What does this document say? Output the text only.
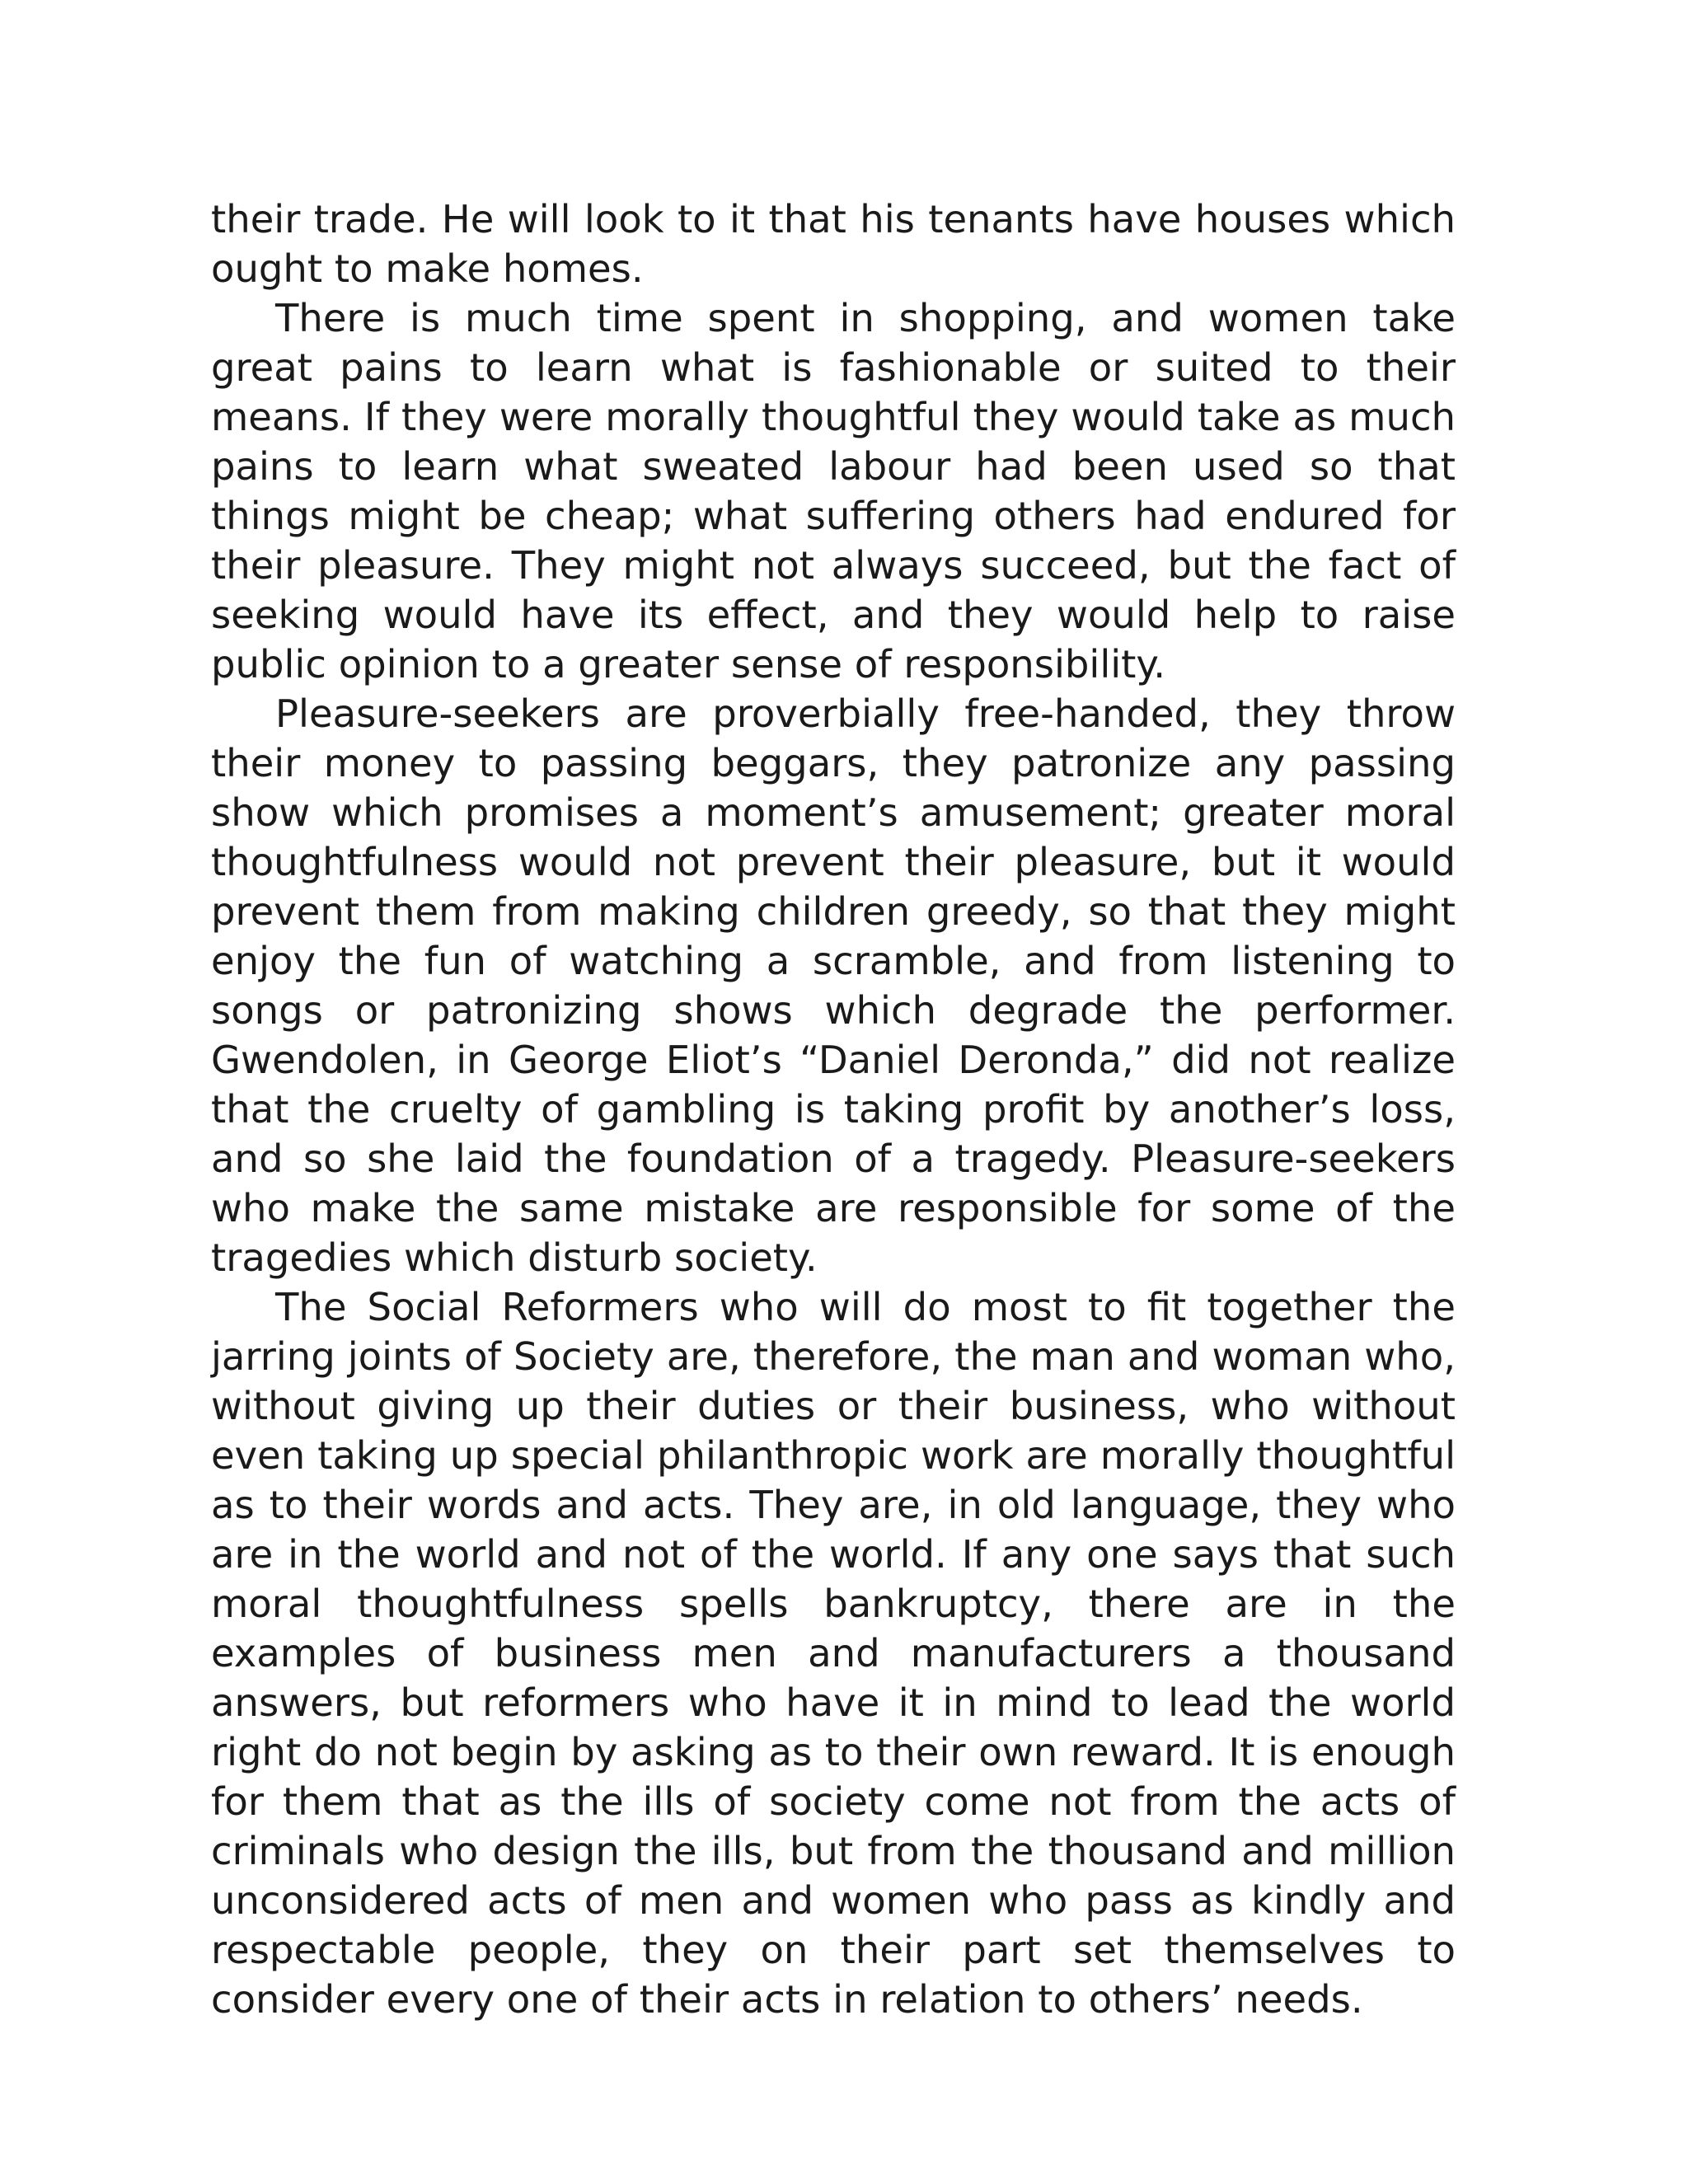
their trade. He will look to it that his tenants have houses which ought to make homes.

There is much time spent in shopping, and women take great pains to learn what is fashionable or suited to their means. If they were morally thoughtful they would take as much pains to learn what sweated labour had been used so that things might be cheap; what suffering others had endured for their pleasure. They might not always succeed, but the fact of seeking would have its effect, and they would help to raise public opinion to a greater sense of responsibility.

Pleasure-seekers are proverbially free-handed, they throw their money to passing beggars, they patronize any passing show which promises a moment’s amusement; greater moral thoughtfulness would not prevent their pleasure, but it would prevent them from making children greedy, so that they might enjoy the fun of watching a scramble, and from listening to songs or patronizing shows which degrade the performer. Gwendolen, in George Eliot’s “Daniel Deronda,” did not realize that the cruelty of gambling is taking profit by another’s loss, and so she laid the foundation of a tragedy. Pleasure-seekers who make the same mistake are responsible for some of the tragedies which disturb society.

The Social Reformers who will do most to fit together the jarring joints of Society are, therefore, the man and woman who, without giving up their duties or their business, who without even taking up special philanthropic work are morally thoughtful as to their words and acts. They are, in old language, they who are in the world and not of the world. If any one says that such moral thoughtfulness spells bankruptcy, there are in the examples of business men and manufacturers a thousand answers, but reformers who have it in mind to lead the world right do not begin by asking as to their own reward. It is enough for them that as the ills of society come not from the acts of criminals who design the ills, but from the thousand and million unconsidered acts of men and women who pass as kindly and respectable people, they on their part set themselves to consider every one of their acts in relation to others’ needs.
